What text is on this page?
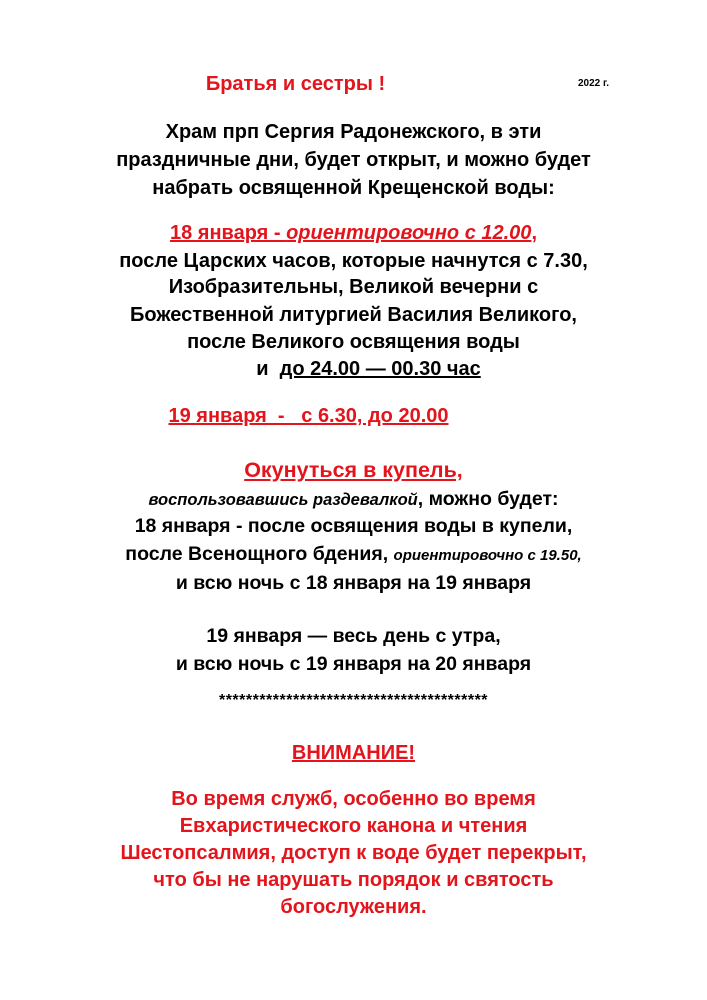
Братья и сестры !	2022 г.
Храм прп Сергия Радонежского, в эти
праздничные дни, будет открыт, и можно будет
набрать освященной Крещенской воды:
18 января - ориентировочно с 12.00,
после Царских часов, которые начнутся с 7.30,
Изобразительны, Великой вечерни с
Божественной литургией Василия Великого,
после Великого освящения воды
и  до 24.00 — 00.30 час
19 января  -   с 6.30, до 20.00
Окунуться в купель,
воспользовавшись раздевалкой, можно будет:
18 января - после освящения воды в купели,
после Всенощного бдения, ориентировочно с 19.50,
и всю ночь с 18 января на 19 января
19 января — весь день с утра,
и всю ночь с 19 января на 20 января
****************************************
ВНИМАНИЕ!
Во время служб, особенно во время
Евхаристического канона и чтения
Шестопсалмия, доступ к воде будет перекрыт,
что бы не нарушать порядок и святость
богослужения.
